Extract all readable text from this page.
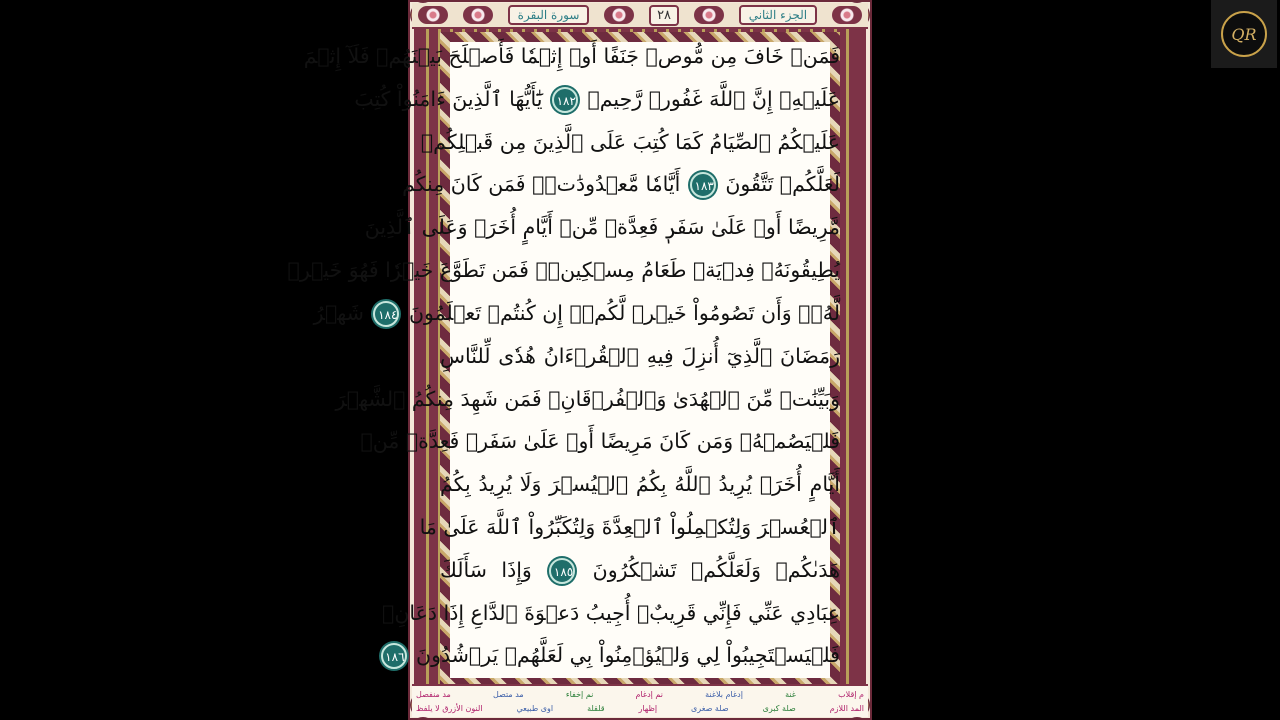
سورة البقرة	٢٨	الجزء الثاني
فَمَنۡ خَافَ مِن مُّوصٖ جَنَفًا أَوۡ إِثۡمٗا فَأَصۡلَحَ بَيۡنَهُمۡ فَلَآ إِثۡمَ
عَلَيۡهِۚ إِنَّ ٱللَّهَ غَفُورٞ رَّحِيمٞ ١٨٢ يَٰٓأَيُّهَا ٱلَّذِينَ ءَامَنُواْ كُتِبَ
عَلَيۡكُمُ ٱلصِّيَامُ كَمَا كُتِبَ عَلَى ٱلَّذِينَ مِن قَبۡلِكُمۡ
لَعَلَّكُمۡ تَتَّقُونَ ١٨٣ أَيَّامٗا مَّعۡدُودَٰتٖۚ فَمَن كَانَ مِنكُم
مَّرِيضًا أَوۡ عَلَىٰ سَفَرٖ فَعِدَّةٞ مِّنۡ أَيَّامٍ أُخَرَۚ وَعَلَى ٱلَّذِينَ
يُطِيقُونَهُۥ فِدۡيَةٞ طَعَامُ مِسۡكِينٖۖ فَمَن تَطَوَّعَ خَيۡرٗا فَهُوَ خَيۡرٞ
لَّهُۥۚ وَأَن تَصُومُواْ خَيۡرٞ لَّكُمۡۖ إِن كُنتُمۡ تَعۡلَمُونَ ١٨٤ شَهۡرُ
رَمَضَانَ ٱلَّذِيٓ أُنزِلَ فِيهِ ٱلۡقُرۡءَانُ هُدٗى لِّلنَّاسِ
وَبَيِّنَٰتٖ مِّنَ ٱلۡهُدَىٰ وَٱلۡفُرۡقَانِۚ فَمَن شَهِدَ مِنكُمُ ٱلشَّهۡرَ
فَلۡيَصُمۡهُۖ وَمَن كَانَ مَرِيضًا أَوۡ عَلَىٰ سَفَرٖ فَعِدَّةٞ مِّنۡ
أَيَّامٍ أُخَرَۗ يُرِيدُ ٱللَّهُ بِكُمُ ٱلۡيُسۡرَ وَلَا يُرِيدُ بِكُمُ
ٱلۡعُسۡرَ وَلِتُكۡمِلُواْ ٱلۡعِدَّةَ وَلِتُكَبِّرُواْ ٱللَّهَ عَلَىٰ مَا
هَدَىٰكُمۡ وَلَعَلَّكُمۡ تَشۡكُرُونَ ١٨٥ وَإِذَا سَأَلَكَ
عِبَادِي عَنِّي فَإِنِّي قَرِيبٌۖ أُجِيبُ دَعۡوَةَ ٱلدَّاعِ إِذَا دَعَانِۖ
فَلۡيَسۡتَجِيبُواْ لِي وَلۡيُؤۡمِنُواْ بِي لَعَلَّهُمۡ يَرۡشُدُونَ ١٨٦
م إقلاب
غنة
إدغام بلاغنة
نم إدغام
نم إخفاء
مد متصل
مد منفصل
المد اللازم
صلة كبرى
صلة صغرى
إظهار
قلقلة
اوى طبيعي
النون الأزرق لا يلفظ
QR
